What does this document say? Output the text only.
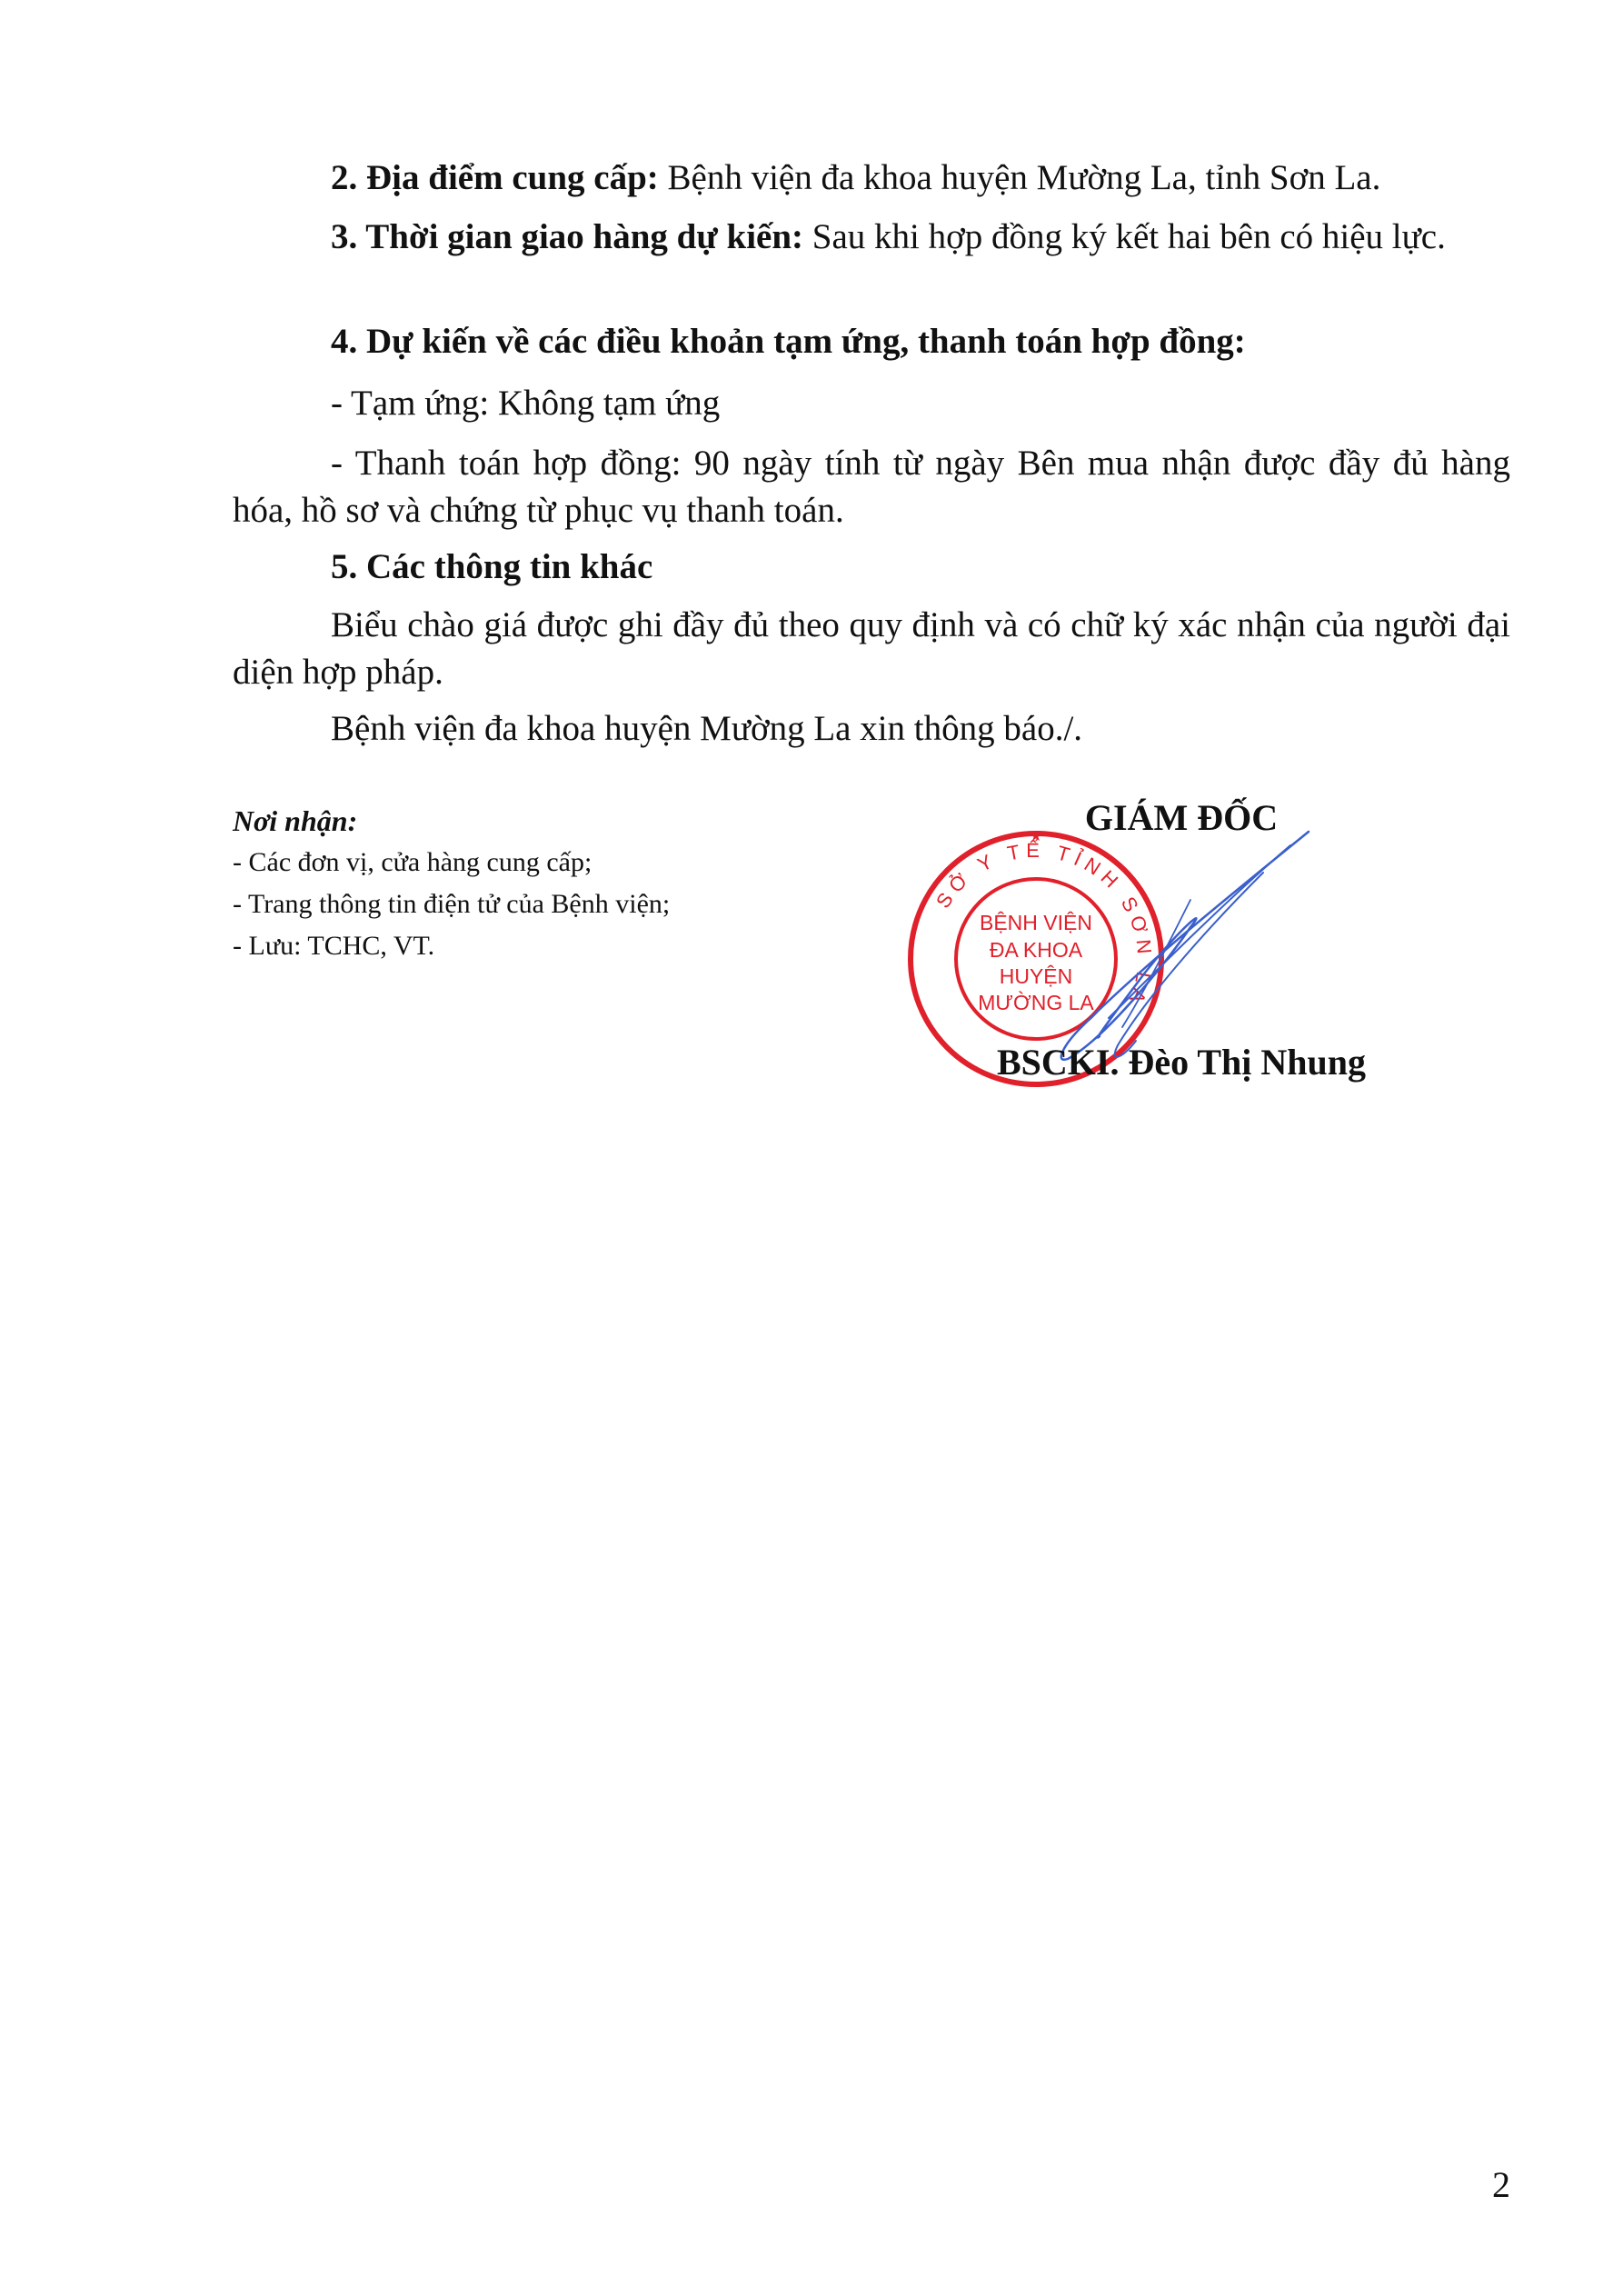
2. Địa điểm cung cấp: Bệnh viện đa khoa huyện Mường La, tỉnh Sơn La.

3. Thời gian giao hàng dự kiến: Sau khi hợp đồng ký kết hai bên có hiệu lực.

4. Dự kiến về các điều khoản tạm ứng, thanh toán hợp đồng:

- Tạm ứng: Không tạm ứng

- Thanh toán hợp đồng: 90 ngày tính từ ngày Bên mua nhận được đầy đủ hàng hóa, hồ sơ và chứng từ phục vụ thanh toán.

5. Các thông tin khác

Biểu chào giá được ghi đầy đủ theo quy định và có chữ ký xác nhận của người đại diện hợp pháp.

Bệnh viện đa khoa huyện Mường La xin thông báo./.

Nơi nhận:
- Các đơn vị, cửa hàng cung cấp;
- Trang thông tin điện tử của Bệnh viện;
- Lưu: TCHC, VT.
GIÁM ĐỐC
SỞ Y TẾ TỈNH SƠN LA
BỆNH VIỆN
ĐA KHOA
HUYỆN
MƯỜNG LA
BSCKI. Đèo Thị Nhung
2
